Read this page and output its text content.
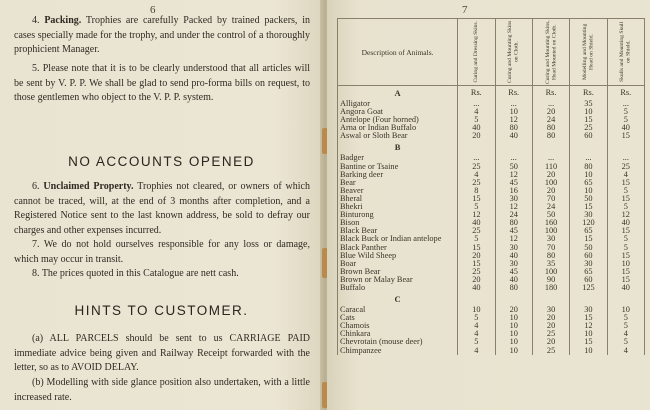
6

4. Packing. Trophies are carefully Packed by trained packers, in cases specially made for the trophy, and under the control of a thoroughly prophicient Manager.

5. Please note that it is to be clearly understood that all articles will be sent by V. P. P. We shall be glad to send pro-forma bills on request, to those gentlemen who object to the V. P. P. system.

NO ACCOUNTS OPENED

6. Unclaimed Property. Trophies not cleared, or owners of which cannot be traced, will, at the end of 3 months after completion, and a Registered Notice sent to the last known address, be sold to defray our charges and other expenses incurred.

7. We do not hold ourselves responsible for any loss or damage, which may occur in transit.

8. The prices quoted in this Catalogue are nett cash.

HINTS TO CUSTOMER.

(a) ALL PARCELS should be sent to us CARRIAGE PAID immediate advice being given and Railway Receipt forwarded with the letter, so as to AVOID DELAY.

(b) Modelling with side glance position also undertaken, with a little increased rate.

7
Description of Animals.	Curing and Dressing Skins.	Curing and Mounting Skins on Cloth.	Curing and Mounting Skins, Head Mounted on Cloth.	Modelling and Mounting Head on Shield.	Skulls and Mounting Skull on Shield.

A	Rs.	Rs.	Rs.	Rs.	Rs.
Alligator	...	...	...	35	...
Angora Goat	4	10	20	10	5
Antelope (Four horned)	5	12	24	15	5
Arna or Indian Buffalo	40	80	80	25	40
Aswal or Sloth Bear	20	40	80	60	15
B					
Badger	...	...	...	...	...
Bantine or Tsaine	25	50	110	80	25
Barking deer	4	12	20	10	4
Bear	25	45	100	65	15
Beaver	8	16	20	10	5
Bheral	15	30	70	50	15
Bhekri	5	12	24	15	5
Binturong	12	24	50	30	12
Bison	40	80	160	120	40
Black Bear	25	45	100	65	15
Black Buck or Indian antelope	5	12	30	15	5
Black Panther	15	30	70	50	5
Blue Wild Sheep	20	40	80	60	15
Boar	15	30	35	30	10
Brown Bear	25	45	100	65	15
Brown or Malay Bear	20	40	90	60	15
Buffalo	40	80	180	125	40
C					
Caracal	10	20	30	30	10
Cats	5	10	20	15	5
Chamois	4	10	20	12	5
Chinkara	4	10	25	10	4
Chevrotain (mouse deer)	5	10	20	15	5
Chimpanzee	4	10	25	10	4
